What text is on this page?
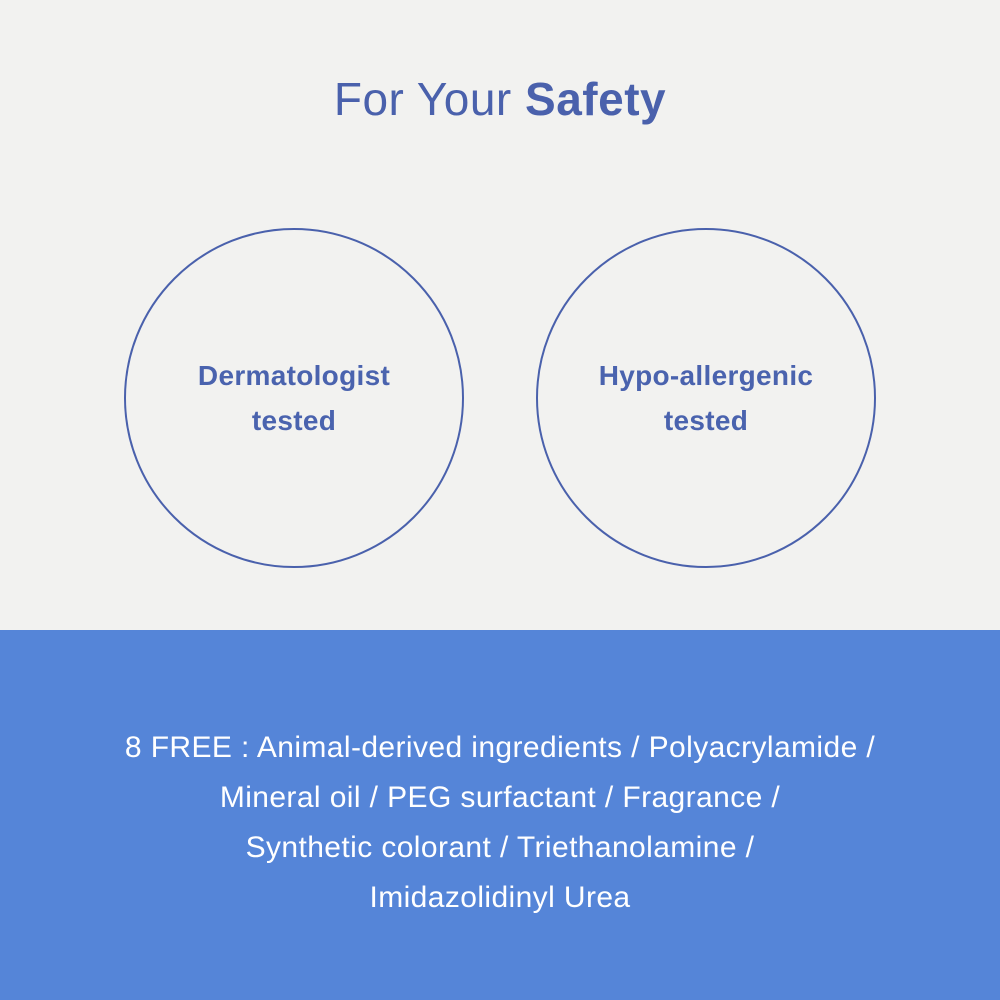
For Your Safety
Dermatologist
tested
Hypo-allergenic
tested
8 FREE : Animal-derived ingredients / Polyacrylamide /
Mineral oil / PEG surfactant / Fragrance /
Synthetic colorant / Triethanolamine /
Imidazolidinyl Urea
